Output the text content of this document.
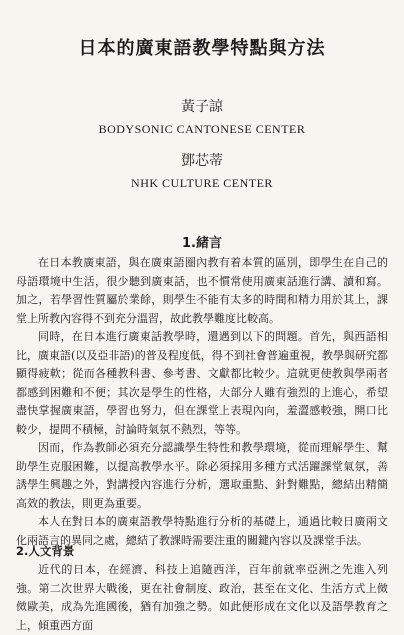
日本的廣東語教學特點與方法
黃子諒
BODYSONIC CANTONESE CENTER
鄧芯蒂
NHK CULTURE CENTER
1.緒言

在日本教廣東語，與在廣東語圈內教有着本質的區別，即學生在自己的母語環境中生活，很少聽到廣東話，也不慣常使用廣東話進行講、讀和寫。加之，若學習性質屬於業餘，則學生不能有太多的時間和精力用於其上，課堂上所教內容得不到充分溫習，故此教學難度比較高。

同時，在日本進行廣東話教學時，還遇到以下的問題。首先，與西語相比，廣東語(以及亞非語)的普及程度低，得不到社會普遍重視，教學與研究都顯得疲軟；從而各種教科書、參考書、文獻都比較少。這就更使教與學兩者都感到困難和不便；其次是學生的性格，大部分人雖有強烈的上進心，希望盡快掌握廣東語，學習也努力，但在課堂上表現內向，羞澀感較強，開口比較少，提問不積極，討論時氣氛不熱烈，等等。

因而，作為教師必須充分認識學生特性和教學環境，從而理解學生、幫助學生克服困難，以提高教學水平。除必須採用多種方式活躍課堂氣氛，善誘學生興趣之外，對講授內容進行分析，選取重點、針對難點，總結出精簡高效的教法，則更為重要。

本人在對日本的廣東語教學特點進行分析的基礎上，通過比較日廣兩文化兩語言的異同之處，總結了教課時需要注重的關鍵內容以及課堂手法。

2.人文背景

近代的日本，在經濟、科技上追隨西洋，百年前就率亞洲之先進入列強。第二次世界大戰後，更在社會制度、政治，甚至在文化、生活方式上傚傚歐美，成為先進國後，猶有加強之勢。如此便形成在文化以及語學教育之上，傾重西方面
